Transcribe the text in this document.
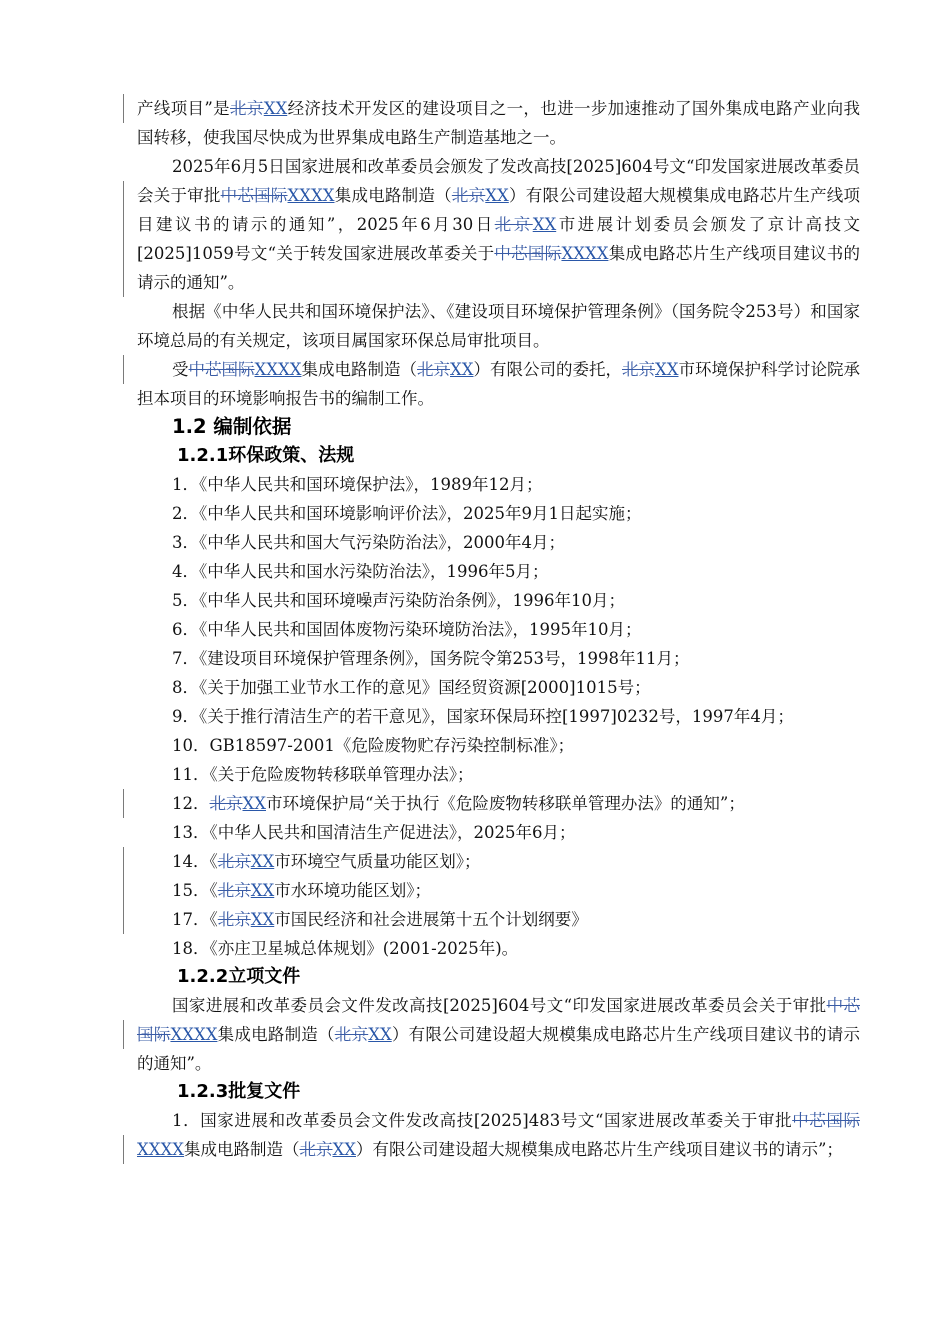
产线项目”是北京XX经济技术开发区的建设项目之一，也进一步加速推动了国外集成电路产业向我国转移，使我国尽快成为世界集成电路生产制造基地之一。

2025年6月5日国家进展和改革委员会颁发了发改高技[2025]604号文“印发国家进展改革委员会关于审批中芯国际XXXX集成电路制造（北京XX）有限公司建设超大规模集成电路芯片生产线项目建议书的请示的通知”，2025年6月30日北京XX市进展计划委员会颁发了京计高技文[2025]1059号文“关于转发国家进展改革委关于中芯国际XXXX集成电路芯片生产线项目建议书的请示的通知”。

根据《中华人民共和国环境保护法》、《建设项目环境保护管理条例》（国务院令253号）和国家环境总局的有关规定，该项目属国家环保总局审批项目。

受中芯国际XXXX集成电路制造（北京XX）有限公司的委托，北京XX市环境保护科学讨论院承担本项目的环境影响报告书的编制工作。

1.2 编制依据
1.2.1环保政策、法规

1．《中华人民共和国环境保护法》，1989年12月；

2．《中华人民共和国环境影响评价法》，2025年9月1日起实施；

3．《中华人民共和国大气污染防治法》，2000年4月；

4．《中华人民共和国水污染防治法》，1996年5月；

5．《中华人民共和国环境噪声污染防治条例》，1996年10月；

6．《中华人民共和国固体废物污染环境防治法》，1995年10月；

7．《建设项目环境保护管理条例》，国务院令第253号，1998年11月；

8．《关于加强工业节水工作的意见》国经贸资源[2000]1015号；

9．《关于推行清洁生产的若干意见》，国家环保局环控[1997]0232号，1997年4月；

10．GB18597-2001《危险废物贮存污染控制标准》；

11．《关于危险废物转移联单管理办法》；

12．北京XX市环境保护局“关于执行《危险废物转移联单管理办法》的通知”；

13．《中华人民共和国清洁生产促进法》，2025年6月；

14．《北京XX市环境空气质量功能区划》；

15．《北京XX市水环境功能区划》；

17．《北京XX市国民经济和社会进展第十五个计划纲要》

18．《亦庄卫星城总体规划》(2001-2025年)。

1.2.2立项文件

国家进展和改革委员会文件发改高技[2025]604号文“印发国家进展改革委员会关于审批中芯国际XXXX集成电路制造（北京XX）有限公司建设超大规模集成电路芯片生产线项目建议书的请示的通知”。

1.2.3批复文件

1．国家进展和改革委员会文件发改高技[2025]483号文“国家进展改革委关于审批中芯国际XXXX集成电路制造（北京XX）有限公司建设超大规模集成电路芯片生产线项目建议书的请示”；
